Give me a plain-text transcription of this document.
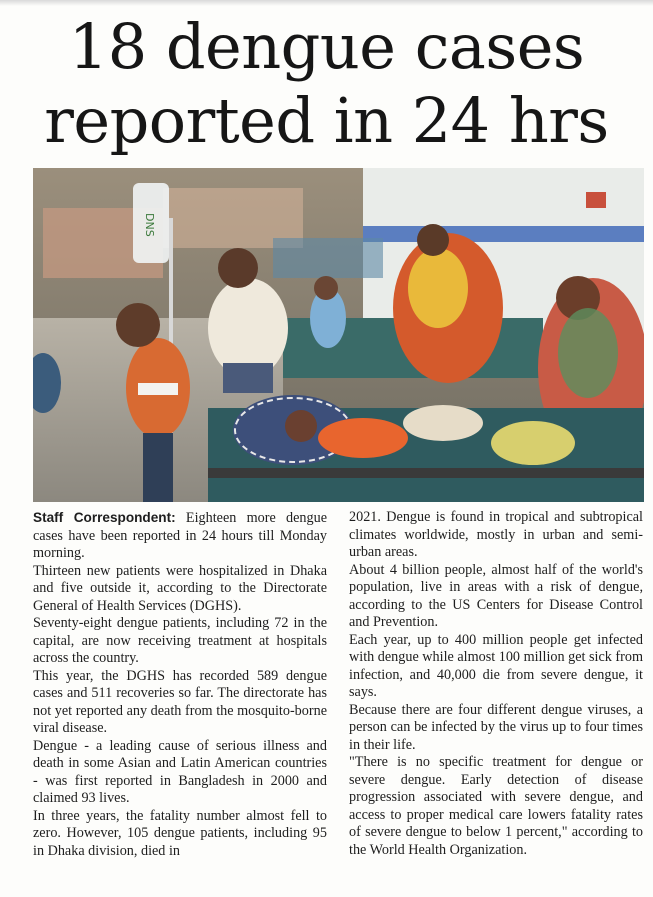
18 dengue cases
reported in 24 hrs
DNS

Staff Correspondent: Eighteen more dengue cases have been reported in 24 hours till Monday morning.

Thirteen new patients were hospitalized in Dhaka and five outside it, according to the Directorate General of Health Services (DGHS).

Seventy-eight dengue patients, including 72 in the capital, are now receiving treatment at hospitals across the country.

This year, the DGHS has recorded 589 dengue cases and 511 recoveries so far. The directorate has not yet reported any death from the mosquito-borne viral disease.

Dengue - a leading cause of serious illness and death in some Asian and Latin American countries - was first reported in Bangladesh in 2000 and claimed 93 lives.

In three years, the fatality number almost fell to zero. However, 105 dengue patients, including 95 in Dhaka division, died in

2021. Dengue is found in tropical and subtropical climates worldwide, mostly in urban and semi-urban areas.

About 4 billion people, almost half of the world's population, live in areas with a risk of dengue, according to the US Centers for Disease Control and Prevention.

Each year, up to 400 million people get infected with dengue while almost 100 million get sick from infection, and 40,000 die from severe dengue, it says.

Because there are four different dengue viruses, a person can be infected by the virus up to four times in their life.

"There is no specific treatment for dengue or severe dengue. Early detection of disease progression associated with severe dengue, and access to proper medical care lowers fatality rates of severe dengue to below 1 percent," according to the World Health Organization.
